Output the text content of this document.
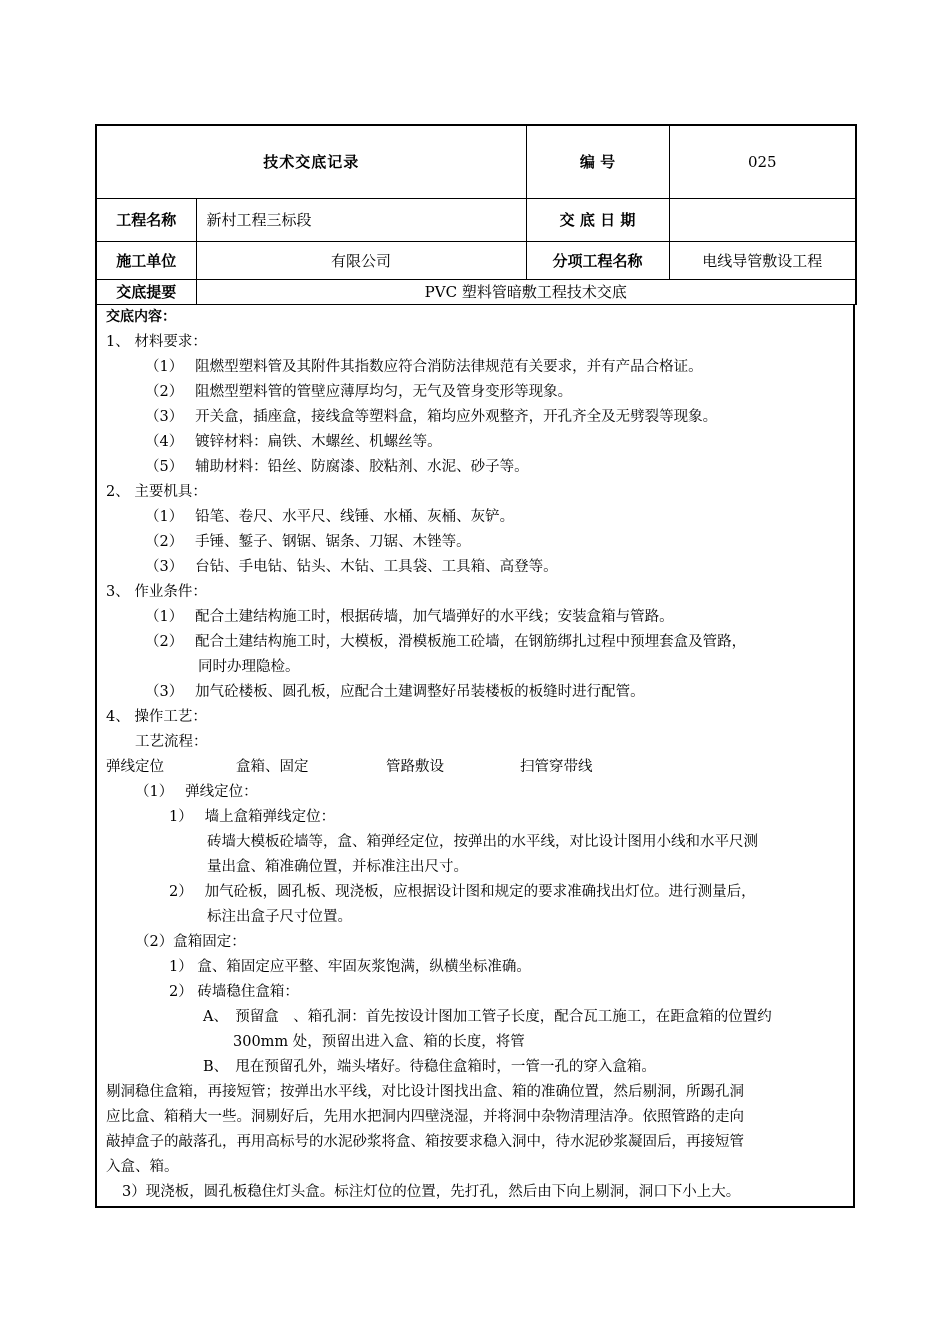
技术交底记录		编 号	025
工程名称	新村工程三标段	交 底 日 期	
施工单位	有限公司	分项工程名称	电线导管敷设工程
交底提要	PVC 塑料管暗敷工程技术交底		
交底内容：
1、 材料要求：
（1）　 阻燃型塑料管及其附件其指数应符合消防法律规范有关要求，并有产品合格证。
（2）　 阻燃型塑料管的管壁应薄厚均匀，无气及管身变形等现象。
（3）　 开关盒，插座盒，接线盒等塑料盒，箱均应外观整齐，开孔齐全及无劈裂等现象。
（4）　 镀锌材料：扁铁、木螺丝、机螺丝等。
（5）　 辅助材料：铅丝、防腐漆、胶粘剂、水泥、砂子等。
2、 主要机具：
（1）　 铅笔、卷尺、水平尺、线锤、水桶、灰桶、灰铲。
（2）　 手锤、錾子、钢锯、锯条、刀锯、木锉等。
（3）　 台钻、手电钻、钻头、木钻、工具袋、工具箱、高登等。
3、 作业条件：
（1）　 配合土建结构施工时，根据砖墙，加气墙弹好的水平线；安装盒箱与管路。
（2）　 配合土建结构施工时，大模板，滑模板施工砼墙，在钢筋绑扎过程中预埋套盒及管路，
同时办理隐检。
（3）　 加气砼楼板、圆孔板，应配合土建调整好吊装楼板的板缝时进行配管。
4、 操作工艺：
工艺流程：
弹线定位	盒箱、固定	管路敷设	扫管穿带线
（1）　 弹线定位：
1）　 墙上盒箱弹线定位：
砖墙大模板砼墙等，盒、箱弹经定位，按弹出的水平线，对比设计图用小线和水平尺测
量出盒、箱准确位置，并标准注出尺寸。
2）　 加气砼板，圆孔板、现浇板，应根据设计图和规定的要求准确找出灯位。进行测量后，
标注出盒子尺寸位置。
（2）盒箱固定：
1） 盒、箱固定应平整、牢固灰浆饱满，纵横坐标准确。
2） 砖墙稳住盒箱：
A、　预留盒　、箱孔洞：首先按设计图加工管子长度，配合瓦工施工，在距盒箱的位置约
300mm 处，预留出进入盒、箱的长度，将管
B、　甩在预留孔外，端头堵好。待稳住盒箱时，一管一孔的穿入盒箱。
剔洞稳住盒箱，再接短管；按弹出水平线，对比设计图找出盒、箱的准确位置，然后剔洞，所踢孔洞
应比盒、箱稍大一些。洞剔好后，先用水把洞内四壁浇湿，并将洞中杂物清理洁净。依照管路的走向
敲掉盒子的敲落孔，再用高标号的水泥砂浆将盒、箱按要求稳入洞中，待水泥砂浆凝固后，再接短管
入盒、箱。
3）现浇板，圆孔板稳住灯头盒。标注灯位的位置，先打孔，然后由下向上剔洞，洞口下小上大。
